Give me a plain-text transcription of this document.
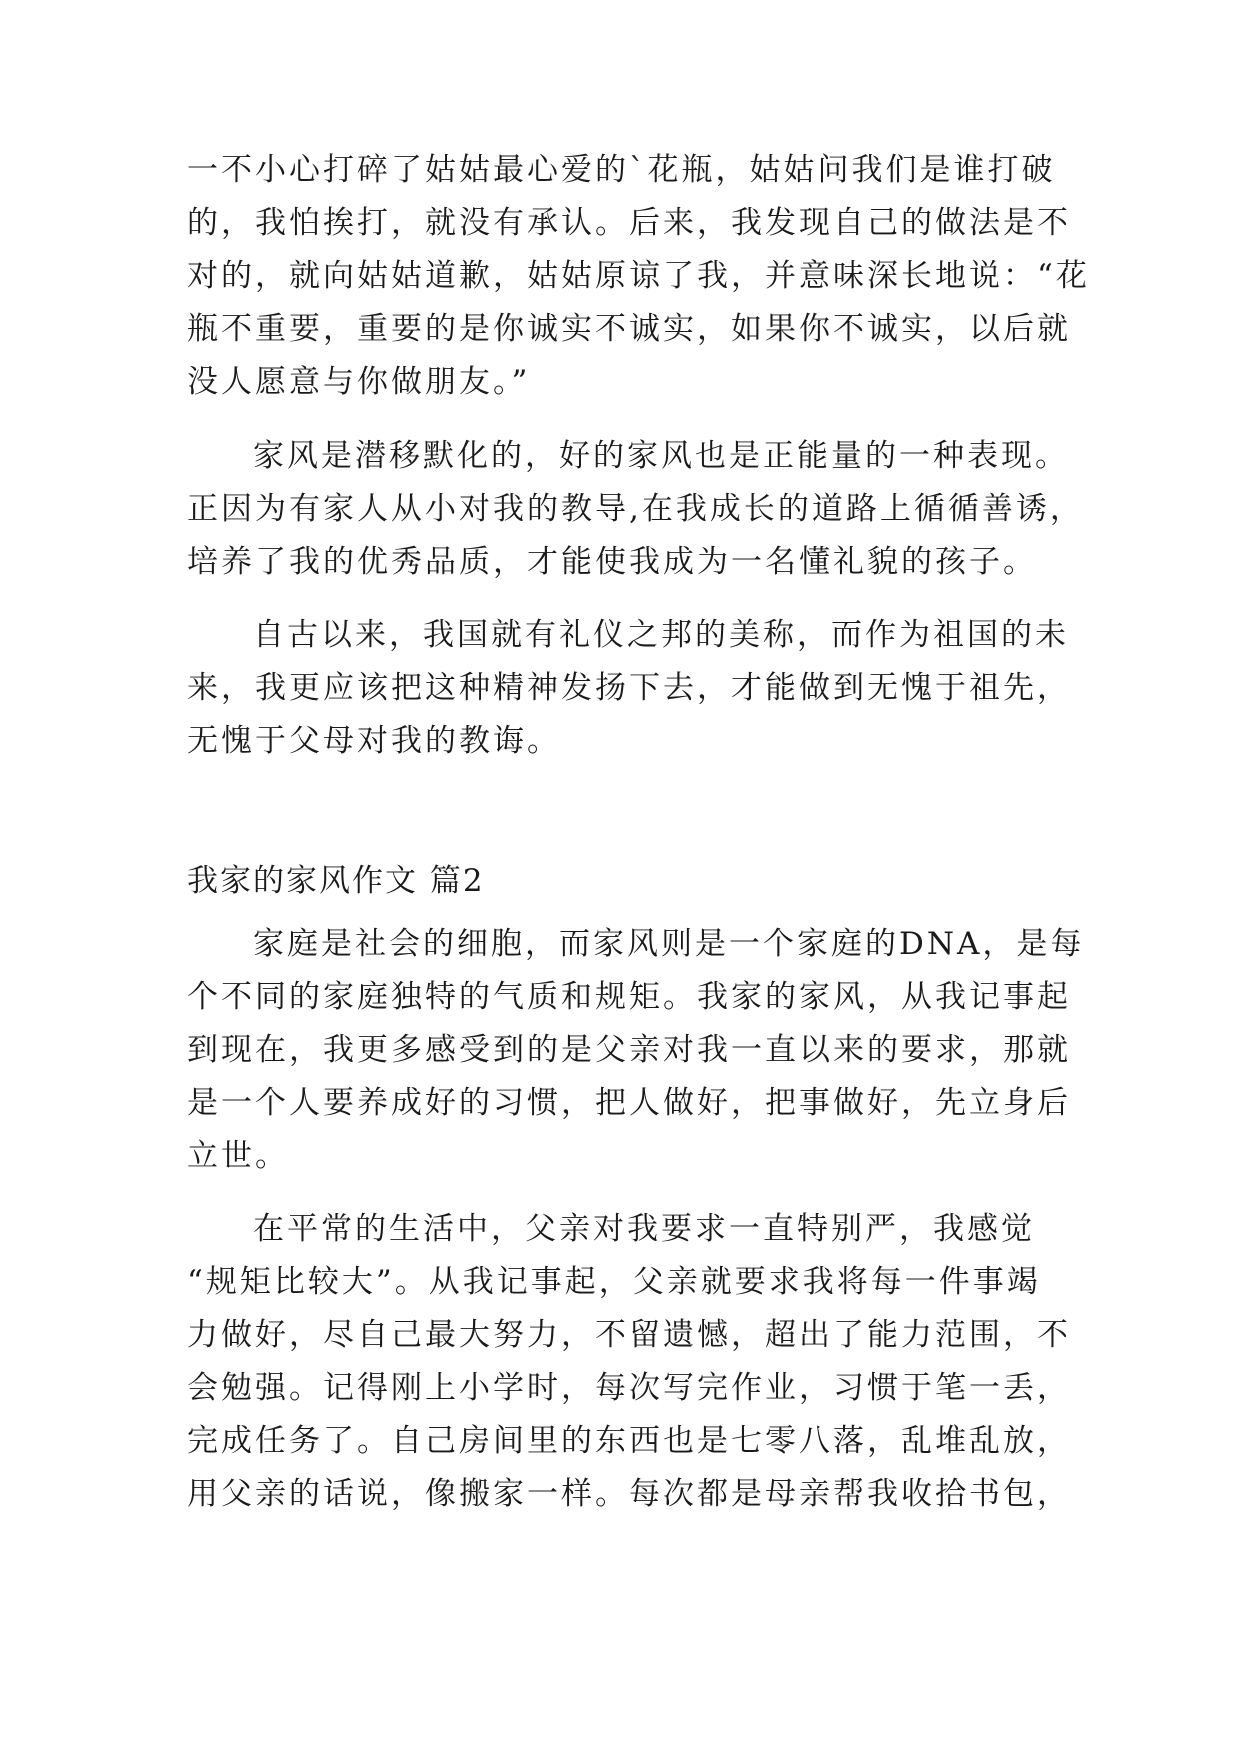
一不小心打碎了姑姑最心爱的`花瓶，姑姑问我们是谁打破
的，我怕挨打，就没有承认。后来，我发现自己的做法是不
对的，就向姑姑道歉，姑姑原谅了我，并意味深长地说：“花
瓶不重要，重要的是你诚实不诚实，如果你不诚实，以后就
没人愿意与你做朋友。”
家风是潜移默化的，好的家风也是正能量的一种表现。
正因为有家人从小对我的教导,在我成长的道路上循循善诱，
培养了我的优秀品质，才能使我成为一名懂礼貌的孩子。
自古以来，我国就有礼仪之邦的美称，而作为祖国的未
来，我更应该把这种精神发扬下去，才能做到无愧于祖先，
无愧于父母对我的教诲。
我家的家风作文 篇2
家庭是社会的细胞，而家风则是一个家庭的DNA，是每
个不同的家庭独特的气质和规矩。我家的家风，从我记事起
到现在，我更多感受到的是父亲对我一直以来的要求，那就
是一个人要养成好的习惯，把人做好，把事做好，先立身后
立世。
在平常的生活中，父亲对我要求一直特别严，我感觉
“规矩比较大”。从我记事起，父亲就要求我将每一件事竭
力做好，尽自己最大努力，不留遗憾，超出了能力范围，不
会勉强。记得刚上小学时，每次写完作业，习惯于笔一丢，
完成任务了。自己房间里的东西也是七零八落，乱堆乱放，
用父亲的话说，像搬家一样。每次都是母亲帮我收拾书包，
